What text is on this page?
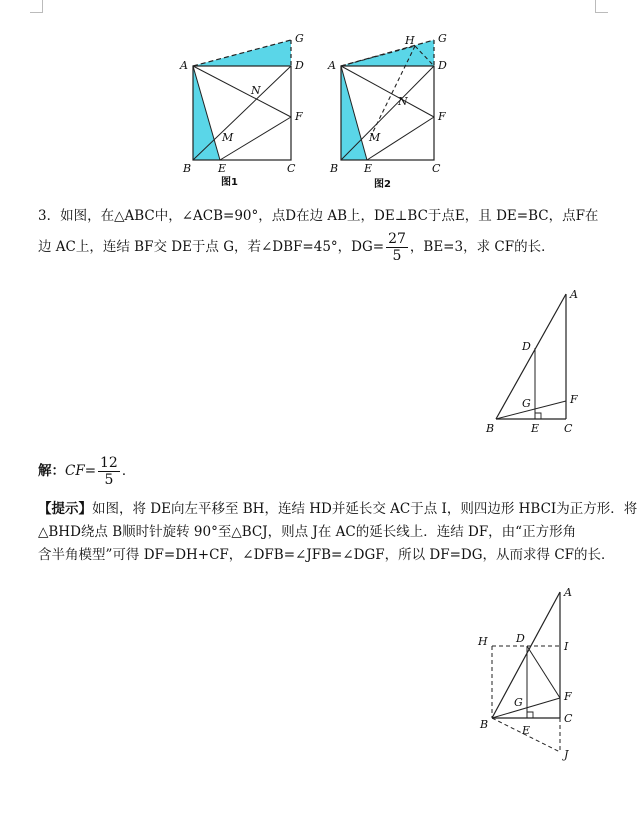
A	D
G
N
F
M
B E	C
图1
A
H G
D
N
F
M
B E	C
图2
3．如图，在△ABC中，∠ACB=90°，点D在边 AB上，DE⊥BC于点E，且 DE=BC，点F在
边 AC上，连结 BF交 DE于点 G，若∠DBF=45°，$DG= \frac{27}{5}$ ，BE=3，求 CF的长．
A
D
F
G
B	E C
解：$CF= \frac{12}{5}$ ．
【提示】如图，将 DE向左平移至 BH，连结 HD并延长交 AC于点 I，则四边形 HBCI为正方形．将
△BHD绕点 B顺时针旋转 90°至△BCJ，则点 J在 AC的延长线上．连结 DF，由“正方形角
含半角模型”可得 DF=DH+CF，∠DFB=∠JFB=∠DGF，所以 DF=DG，从而求得 CF的长．
A
H	D
I
F
G
B	E
C
J
